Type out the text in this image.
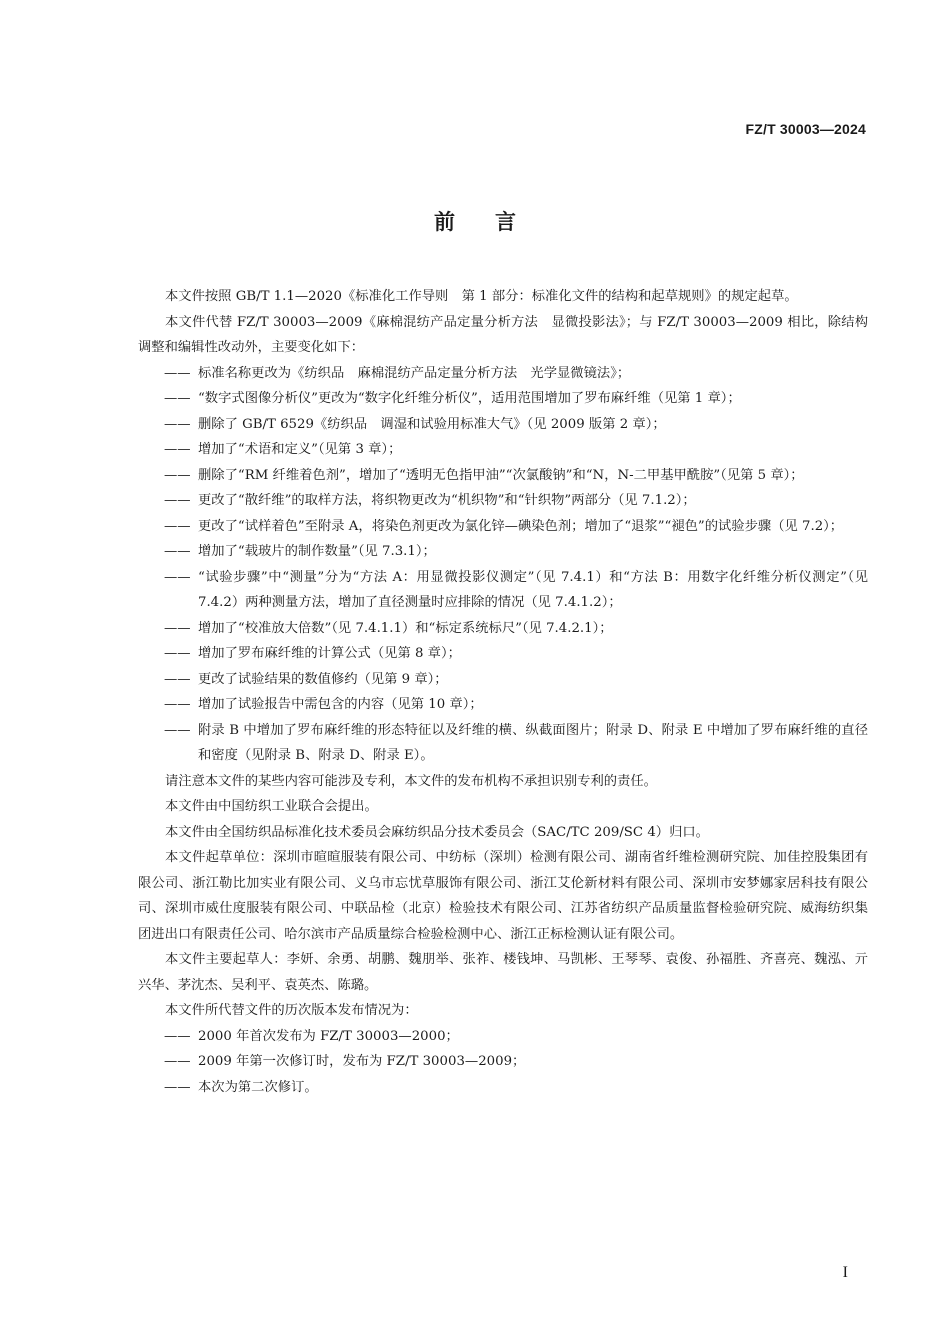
FZ/T 30003—2024
前言

本文件按照 GB/T 1.1—2020《标准化工作导则　第 1 部分：标准化文件的结构和起草规则》的规定起草。

本文件代替 FZ/T 30003—2009《麻棉混纺产品定量分析方法　显微投影法》；与 FZ/T 30003—2009 相比，除结构调整和编辑性改动外，主要变化如下：

—— 标准名称更改为《纺织品　麻棉混纺产品定量分析方法　光学显微镜法》；

—— “数字式图像分析仪”更改为“数字化纤维分析仪”，适用范围增加了罗布麻纤维（见第 1 章）；

—— 删除了 GB/T 6529《纺织品　调湿和试验用标准大气》（见 2009 版第 2 章）；

—— 增加了“术语和定义”（见第 3 章）；

—— 删除了“RM 纤维着色剂”，增加了“透明无色指甲油”“次氯酸钠”和“N，N-二甲基甲酰胺”（见第 5 章）；

—— 更改了“散纤维”的取样方法，将织物更改为“机织物”和“针织物”两部分（见 7.1.2）；

—— 更改了“试样着色”至附录 A，将染色剂更改为氯化锌—碘染色剂；增加了“退浆”“褪色”的试验步骤（见 7.2）；

—— 增加了“载玻片的制作数量”（见 7.3.1）；

—— “试验步骤”中“测量”分为“方法 A：用显微投影仪测定”（见 7.4.1）和“方法 B：用数字化纤维分析仪测定”（见 7.4.2）两种测量方法，增加了直径测量时应排除的情况（见 7.4.1.2）；

—— 增加了“校准放大倍数”（见 7.4.1.1）和“标定系统标尺”（见 7.4.2.1）；

—— 增加了罗布麻纤维的计算公式（见第 8 章）；

—— 更改了试验结果的数值修约（见第 9 章）；

—— 增加了试验报告中需包含的内容（见第 10 章）；

—— 附录 B 中增加了罗布麻纤维的形态特征以及纤维的横、纵截面图片；附录 D、附录 E 中增加了罗布麻纤维的直径和密度（见附录 B、附录 D、附录 E）。

请注意本文件的某些内容可能涉及专利，本文件的发布机构不承担识别专利的责任。

本文件由中国纺织工业联合会提出。

本文件由全国纺织品标准化技术委员会麻纺织品分技术委员会（SAC/TC 209/SC 4）归口。

本文件起草单位：深圳市暄暄服装有限公司、中纺标（深圳）检测有限公司、湖南省纤维检测研究院、加佳控股集团有限公司、浙江勒比加实业有限公司、义乌市忘忧草服饰有限公司、浙江艾伦新材料有限公司、深圳市安梦娜家居科技有限公司、深圳市威仕度服装有限公司、中联品检（北京）检验技术有限公司、江苏省纺织产品质量监督检验研究院、威海纺织集团进出口有限责任公司、哈尔滨市产品质量综合检验检测中心、浙江正标检测认证有限公司。

本文件主要起草人：李妍、余勇、胡鹏、魏朋举、张祚、楼钱坤、马凯彬、王琴琴、袁俊、孙福胜、齐喜亮、魏泓、亓兴华、茅沈杰、吴利平、袁英杰、陈璐。

本文件所代替文件的历次版本发布情况为：

—— 2000 年首次发布为 FZ/T 30003—2000；

—— 2009 年第一次修订时，发布为 FZ/T 30003—2009；

—— 本次为第二次修订。

I
